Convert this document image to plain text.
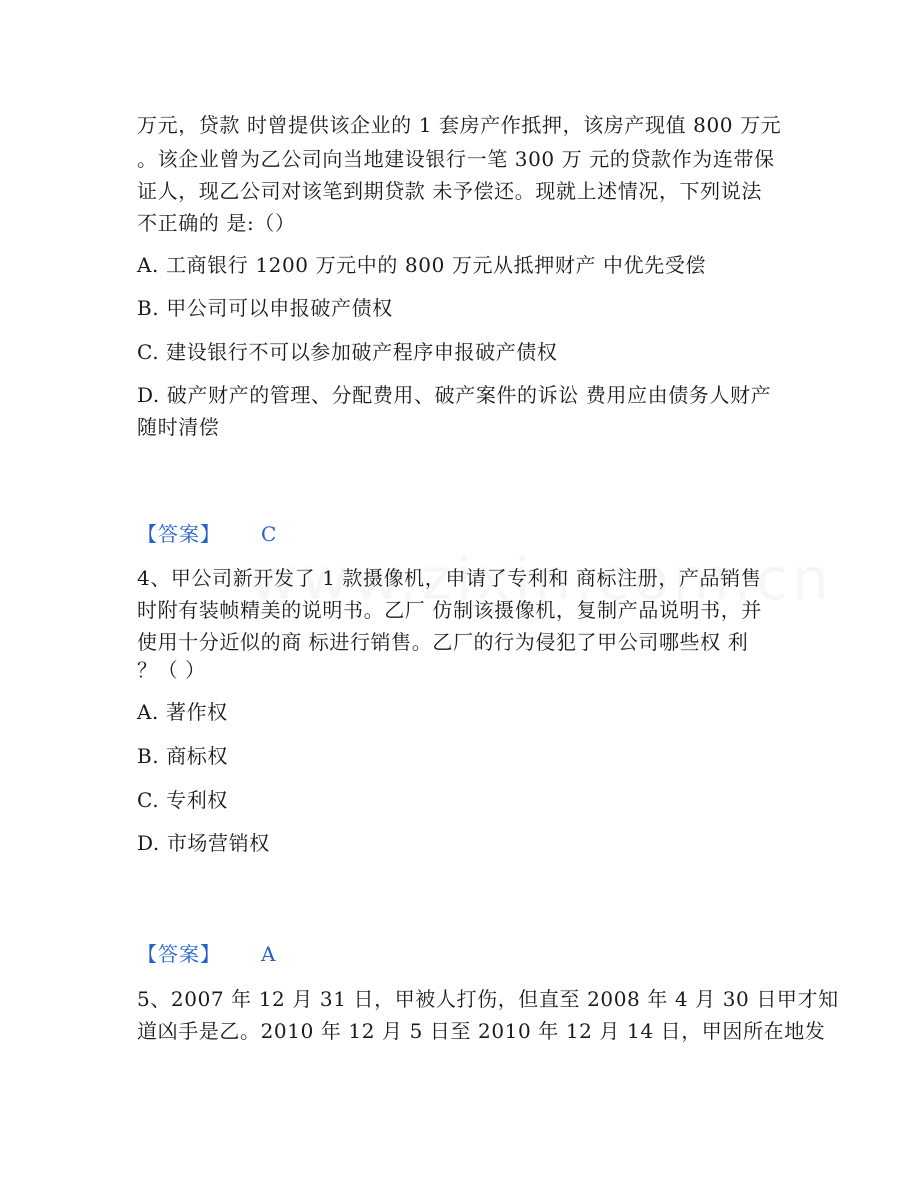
万元，贷款 时曾提供该企业的 1 套房产作抵押，该房产现值 800 万元
。该企业曾为乙公司向当地建设银行一笔 300 万 元的贷款作为连带保
证人，现乙公司对该笔到期贷款 未予偿还。现就上述情况，下列说法
不正确的 是:（）
A. 工商银行 1200 万元中的 800 万元从抵押财产 中优先受偿
B. 甲公司可以申报破产债权
C. 建设银行不可以参加破产程序申报破产债权
D. 破产财产的管理、分配费用、破产案件的诉讼 费用应由债务人财产
随时清偿
【答案】 C
4、甲公司新开发了 1 款摄像机，申请了专利和 商标注册，产品销售
时附有装帧精美的说明书。乙厂 仿制该摄像机，复制产品说明书，并
使用十分近似的商 标进行销售。乙厂的行为侵犯了甲公司哪些权 利
？（ ）
A. 著作权
B. 商标权
C. 专利权
D. 市场营销权
【答案】 A
5、2007 年 12 月 31 日，甲被人打伤，但直至 2008 年 4 月 30 日甲才知
道凶手是乙。2010 年 12 月 5 日至 2010 年 12 月 14 日，甲因所在地发
